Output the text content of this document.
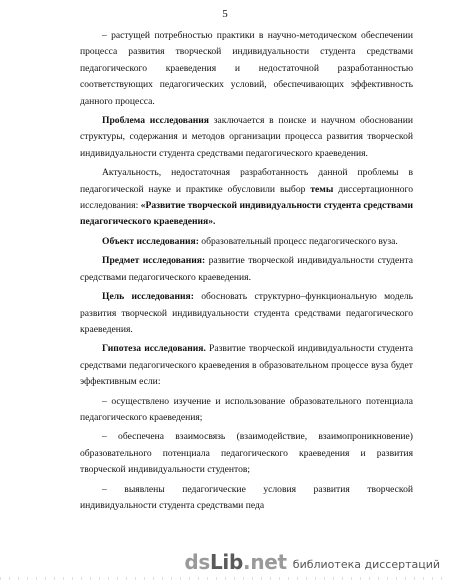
5

– растущей потребностью практики в научно-методическом обеспечении процесса развития творческой индивидуальности студента средствами педагогического краеведения и недостаточной разработанностью соответствующих педагогических условий, обеспечивающих эффективность данного процесса.

Проблема исследования заключается в поиске и научном обосновании структуры, содержания и методов организации процесса развития творческой индивидуальности студента средствами педагогического краеведения.

Актуальность, недостаточная разработанность данной проблемы в педагогической науке и практике обусловили выбор темы диссертационного исследования: «Развитие творческой индивидуальности студента средствами педагогического краеведения».

Объект исследования: образовательный процесс педагогического вуза.

Предмет исследования: развитие творческой индивидуальности студента средствами педагогического краеведения.

Цель исследования: обосновать структурно–функциональную модель развития творческой индивидуальности студента средствами педагогического краеведения.

Гипотеза исследования. Развитие творческой индивидуальности студента средствами педагогического краеведения в образовательном процессе вуза будет эффективным если:

– осуществлено изучение и использование образовательного потенциала педагогического краеведения;

– обеспечена взаимосвязь (взаимодействие, взаимопроникновение) образовательного потенциала педагогического краеведения и развития творческой индивидуальности студентов;

– выявлены педагогические условия развития творческой индивидуальности студента средствами педа

dsLib.net библиотека диссертаций
